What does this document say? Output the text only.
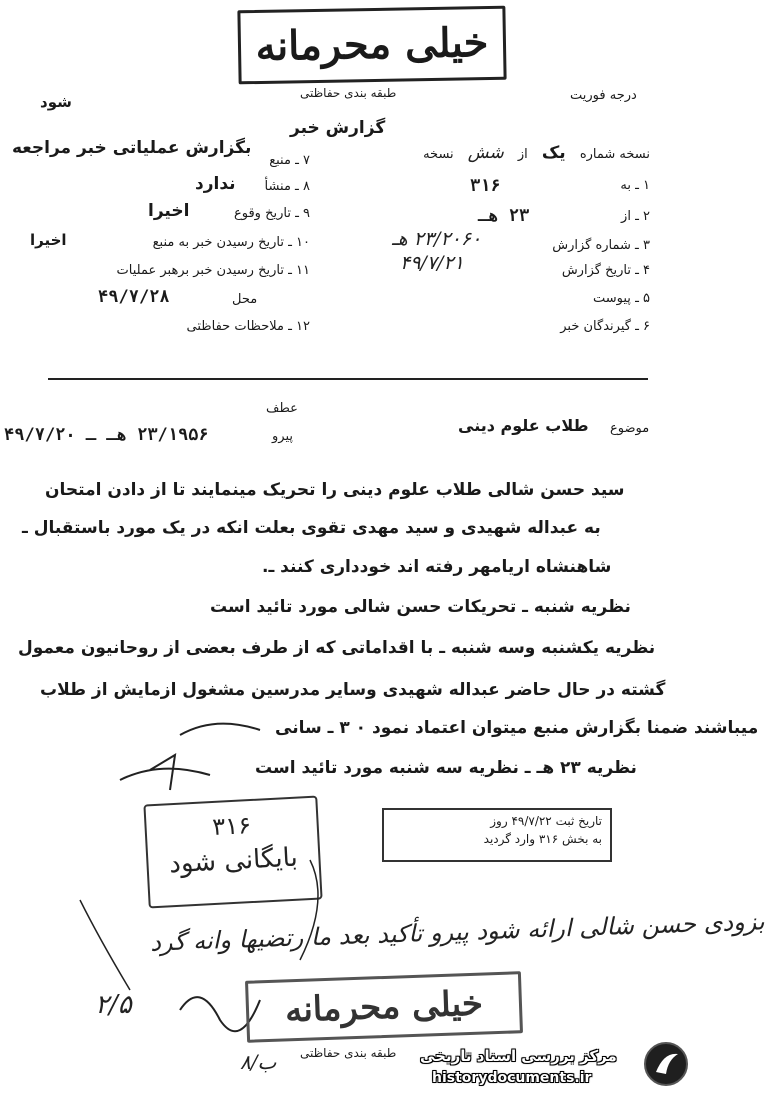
خیلی محرمانه
طبقه بندی حفاظتی	درجه فوریت
شود
گزارش خبر
نسخه شماره یک از شش نسخه
بگزارش عملیاتی خبر مراجعه
۱ ـ به
۳۱۶
۲ ـ از
۲۳ هـ
۳ ـ شماره گزارش
۲۳/۲۰۶۰ هـ
۴ ـ تاریخ گزارش
۴۹/۷/۲۱
۵ ـ پیوست
۶ ـ گیرندگان خبر
۷ ـ منبع
۸ ـ منشأ
ندارد
۹ ـ تاریخ وقوع
اخیرا
۱۰ ـ تاریخ رسیدن خبر به منبع
اخیرا
۱۱ ـ تاریخ رسیدن خبر برهبر عملیات
محل
۴۹/۷/۲۸
۱۲ ـ ملاحظات حفاظتی
عطف
موضوع
طلاب علوم دینی
پیرو
۲۳/۱۹۵۶ هـ ـ ۴۹/۷/۲۰
سید حسن شالی طلاب علوم دینی را تحریک مینمایند تا از دادن امتحان
به عبداله شهیدی و سید مهدی تقوی بعلت انکه در یک مورد باستقبال ـ
شاهنشاه اریامهر رفته اند خودداری کنند ـ.
نظریه شنبه ـ تحریکات حسن شالی مورد تائید است
نظریه یکشنبه وسه شنبه ـ با اقداماتی که از طرف بعضی از روحانیون معمول
گشته در حال حاضر عبداله شهیدی وسایر مدرسین مشغول ازمایش از طلاب
میباشند ضمنا بگزارش منبع میتوان اعتماد نمود ۰ ۳ ـ سانی
نظریه ۲۳ هـ ـ نظریه سه شنبه مورد تائید است
تاریخ ثبت ۴۹/۷/۲۲ روز
به بخش ۳۱۶ وارد گردید
۳۱۶
بایگانی شود
بزودی حسن شالی ارائه شود پیرو تأکید بعد ما رتضیها وانه گرد
۲/۵
ب/۸
خیلی محرمانه
طبقه بندی حفاظتی مرکز بررسی اسناد تاریخی
historydocuments.ir
